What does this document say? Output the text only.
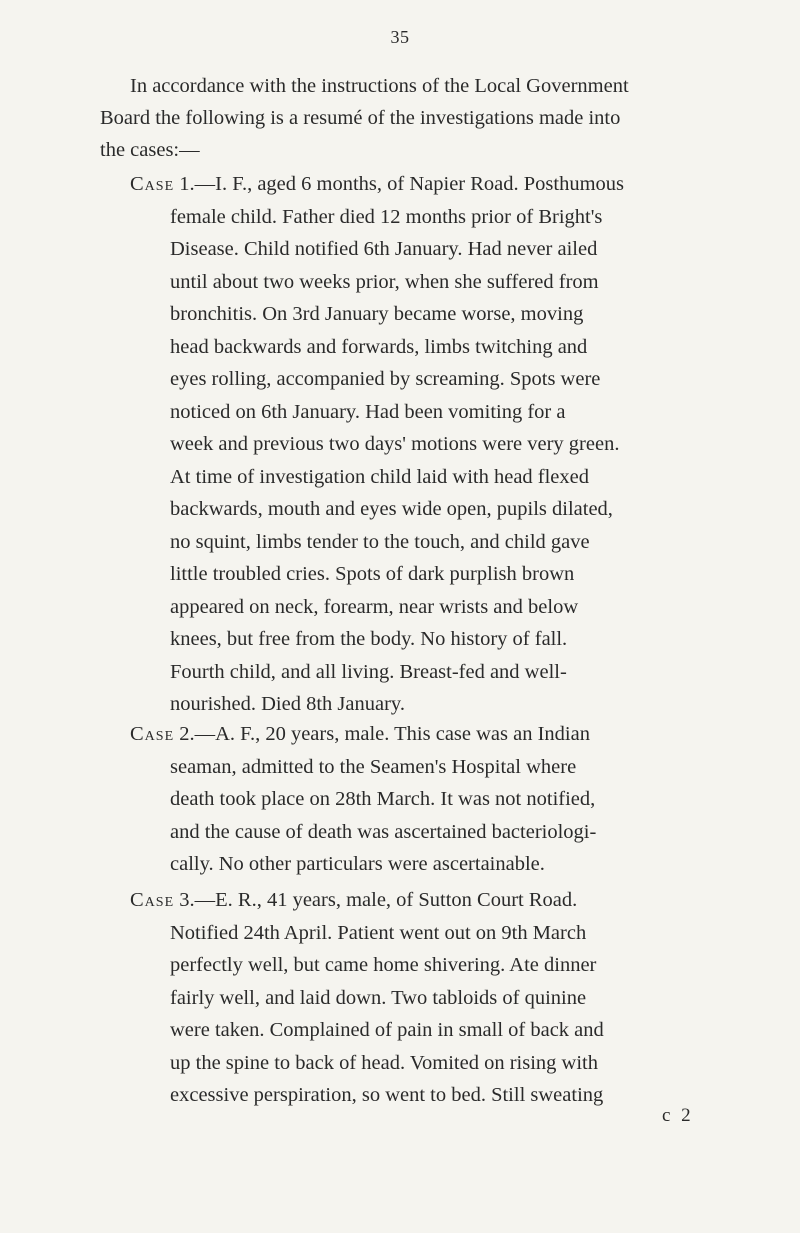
35
In accordance with the instructions of the Local Government
Board the following is a resumé of the investigations made into
the cases:—
Case 1.—I. F., aged 6 months, of Napier Road. Posthumous
female child. Father died 12 months prior of Bright's
Disease. Child notified 6th January. Had never ailed
until about two weeks prior, when she suffered from
bronchitis. On 3rd January became worse, moving
head backwards and forwards, limbs twitching and
eyes rolling, accompanied by screaming. Spots were
noticed on 6th January. Had been vomiting for a
week and previous two days' motions were very green.
At time of investigation child laid with head flexed
backwards, mouth and eyes wide open, pupils dilated,
no squint, limbs tender to the touch, and child gave
little troubled cries. Spots of dark purplish brown
appeared on neck, forearm, near wrists and below
knees, but free from the body. No history of fall.
Fourth child, and all living. Breast-fed and well-
nourished. Died 8th January.
Case 2.—A. F., 20 years, male. This case was an Indian
seaman, admitted to the Seamen's Hospital where
death took place on 28th March. It was not notified,
and the cause of death was ascertained bacteriologi-
cally. No other particulars were ascertainable.
Case 3.—E. R., 41 years, male, of Sutton Court Road.
Notified 24th April. Patient went out on 9th March
perfectly well, but came home shivering. Ate dinner
fairly well, and laid down. Two tabloids of quinine
were taken. Complained of pain in small of back and
up the spine to back of head. Vomited on rising with
excessive perspiration, so went to bed. Still sweating
c 2
